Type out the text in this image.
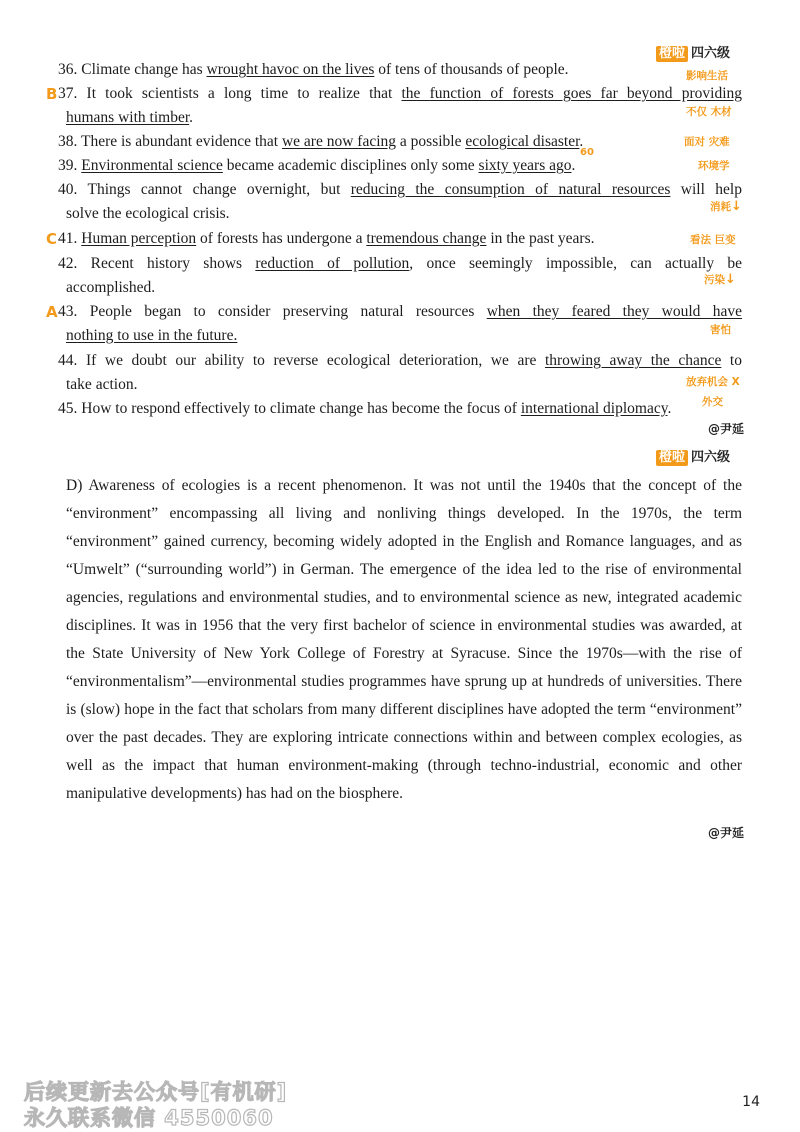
橙啦 四六级
36. Climate change has wrought havoc on the lives of tens of thousands of people.	影响生活
B 37. It took scientists a long time to realize that the function of forests goes far beyond providing
humans with timber.	不仅 木材
38. There is abundant evidence that we are now facing a possible ecological disaster.	面对 灾难
39. Environmental science became academic disciplines only some sixty years ago.
60
环境学
40. Things cannot change overnight, but reducing the consumption of natural resources will help
solve the ecological crisis.	消耗↓
C 41. Human perception of forests has undergone a tremendous change in the past years.	看法 巨变
42. Recent history shows reduction of pollution, once seemingly impossible, can actually be
accomplished.	污染↓
A 43. People began to consider preserving natural resources when they feared they would have
nothing to use in the future.	害怕
44. If we doubt our ability to reverse ecological deterioration, we are throwing away the chance to
take action.	放弃机会 X
45. How to respond effectively to climate change has become the focus of international diplomacy.	外交
@尹延
橙啦 四六级
D) Awareness of ecologies is a recent phenomenon. It was not until the 1940s that the concept of the “environment” encompassing all living and nonliving things developed. In the 1970s, the term “environment” gained currency, becoming widely adopted in the English and Romance languages, and as “Umwelt” (“surrounding world”) in German. The emergence of the idea led to the rise of environmental agencies, regulations and environmental studies, and to environmental science as new, integrated academic disciplines. It was in 1956 that the very first bachelor of science in environmental studies was awarded, at the State University of New York College of Forestry at Syracuse. Since the 1970s—with the rise of “environmentalism”—environmental studies programmes have sprung up at hundreds of universities. There is (slow) hope in the fact that scholars from many different disciplines have adopted the term “environment” over the past decades. They are exploring intricate connections within and between complex ecologies, as well as the impact that human environment-making (through techno-industrial, economic and other manipulative developments) has had on the biosphere.
@尹延
后续更新去公众号[有机研]
永久联系微信 4550060
14
